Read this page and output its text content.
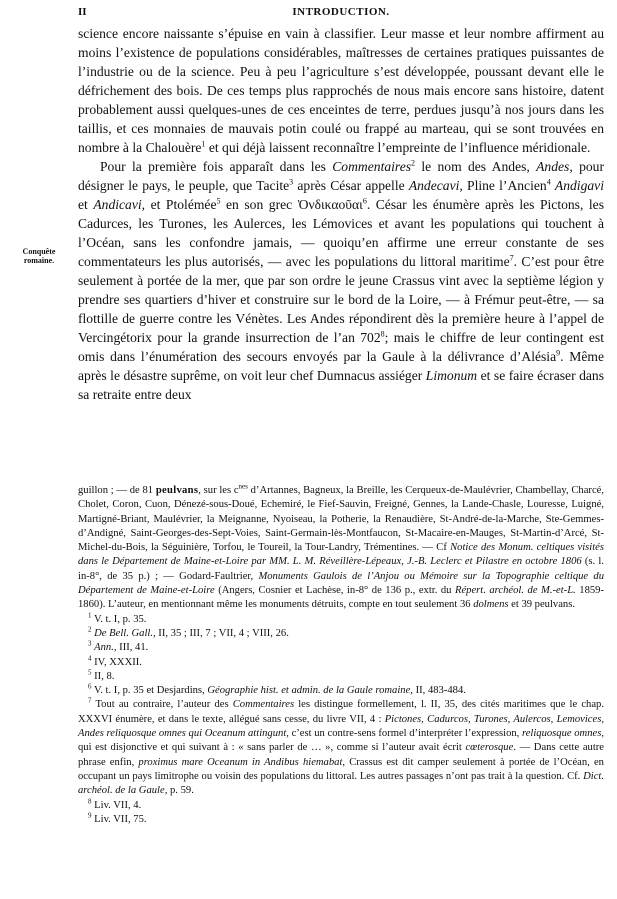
II	INTRODUCTION.
Conquête romaine.

science encore naissante s’épuise en vain à classifier. Leur masse et leur nombre affirment au moins l’existence de populations considérables, maîtresses de certaines pratiques puissantes de l’industrie ou de la science. Peu à peu l’agriculture s’est développée, poussant devant elle le défrichement des bois. De ces temps plus rapprochés de nous mais encore sans histoire, datent probablement aussi quelques-unes de ces enceintes de terre, perdues jusqu’à nos jours dans les taillis, et ces monnaies de mauvais potin coulé ou frappé au marteau, qui se sont trouvées en nombre à la Chalouère$^1$ et qui déjà laissent reconnaître l’empreinte de l’influence méridionale.

Pour la première fois apparaît dans les Commentaires$^2$ le nom des Andes, Andes, pour désigner le pays, le peuple, que Tacite$^3$ après César appelle Andecavi, Pline l’Ancien$^4$ Andigavi et Andicavi, et Ptolémée$^5$ en son grec Ὀνδικαοῦαι$^6$. César les énumère après les Pictons, les Cadurces, les Turones, les Aulerces, les Lémovices et avant les populations qui touchent à l’Océan, sans les confondre jamais, — quoiqu’en affirme une erreur constante de ses commentateurs les plus autorisés, — avec les populations du littoral maritime$^7$. C’est pour être seulement à portée de la mer, que par son ordre le jeune Crassus vint avec la septième légion y prendre ses quartiers d’hiver et construire sur le bord de la Loire, — à Frémur peut-être, — sa flottille de guerre contre les Vénètes. Les Andes répondirent dès la première heure à l’appel de Vercingétorix pour la grande insurrection de l’an $702^8$; mais le chiffre de leur contingent est omis dans l’énumération des secours envoyés par la Gaule à la délivrance d’Alésia$^9$. Même après le désastre suprême, on voit leur chef Dumnacus assiéger Limonum et se faire écraser dans sa retraite entre deux

guillon ; — de 81 peulvans, sur les $c^{nes}$ d’Artannes, Bagneux, la Breille, les Cerqueux-de-Maulévrier, Chambellay, Charcé, Cholet, Coron, Cuon, Dénezé-sous-Doué, Echemiré, le Fief-Sauvin, Freigné, Gennes, la Lande-Chasle, Louresse, Luigné, Martigné-Briant, Maulévrier, la Meignanne, Nyoiseau, la Potherie, la Renaudière, St-André-de-la-Marche, Ste-Gemmes-d’Andigné, Saint-Georges-des-Sept-Voies, Saint-Germain-lès-Montfaucon, St-Macaire-en-Mauges, St-Martin-d’Arcé, St-Michel-du-Bois, la Séguinière, Torfou, le Toureil, la Tour-Landry, Trémentines. — Cf Notice des Monum. celtiques visités dans le Département de Maine-et-Loire par MM. L. M. Réveillère-Lépeaux, J.-B. Leclerc et Pilastre en octobre 1806 (s. l. in-8°, de 35 p.) ; — Godard-Faultrier, Monuments Gaulois de l’Anjou ou Mémoire sur la Topographie celtique du Département de Maine-et-Loire (Angers, Cosnier et Lachèse, in-8° de 136 p., extr. du Répert. archéol. de M.-et-L. 1859-1860). L’auteur, en mentionnant même les monuments détruits, compte en tout seulement 36 dolmens et 39 peulvans.

$^1$ V. t. I, p. 35.

$^2$ De Bell. Gall., II, 35 ; III, 7 ; VII, 4 ; VIII, 26.

$^3$ Ann., III, 41.

$^4$ IV, XXXII.

$^5$ II, 8.

$^6$ V. t. I, p. 35 et Desjardins, Géographie hist. et admin. de la Gaule romaine, II, 483-484.

$^7$ Tout au contraire, l’auteur des Commentaires les distingue formellement, l. II, 35, des cités maritimes que le chap. XXXVI énumère, et dans le texte, allégué sans cesse, du livre VII, 4 : Pictones, Cadurcos, Turones, Aulercos, Lemovices, Andes reliquosque omnes qui Oceanum attingunt, c’est un contre-sens formel d’interpréter l’expression, reliquosque omnes, qui est disjonctive et qui suivant à : « sans parler de … », comme si l’auteur avait écrit cœterosque. — Dans cette autre phrase enfin, proximus mare Oceanum in Andibus hiemabat, Crassus est dit camper seulement à portée de l’Océan, en occupant un pays limitrophe ou voisin des populations du littoral. Les autres passages n’ont pas trait à la question. Cf. Dict. archéol. de la Gaule, p. 59.

$^8$ Liv. VII, 4.

$^9$ Liv. VII, 75.
